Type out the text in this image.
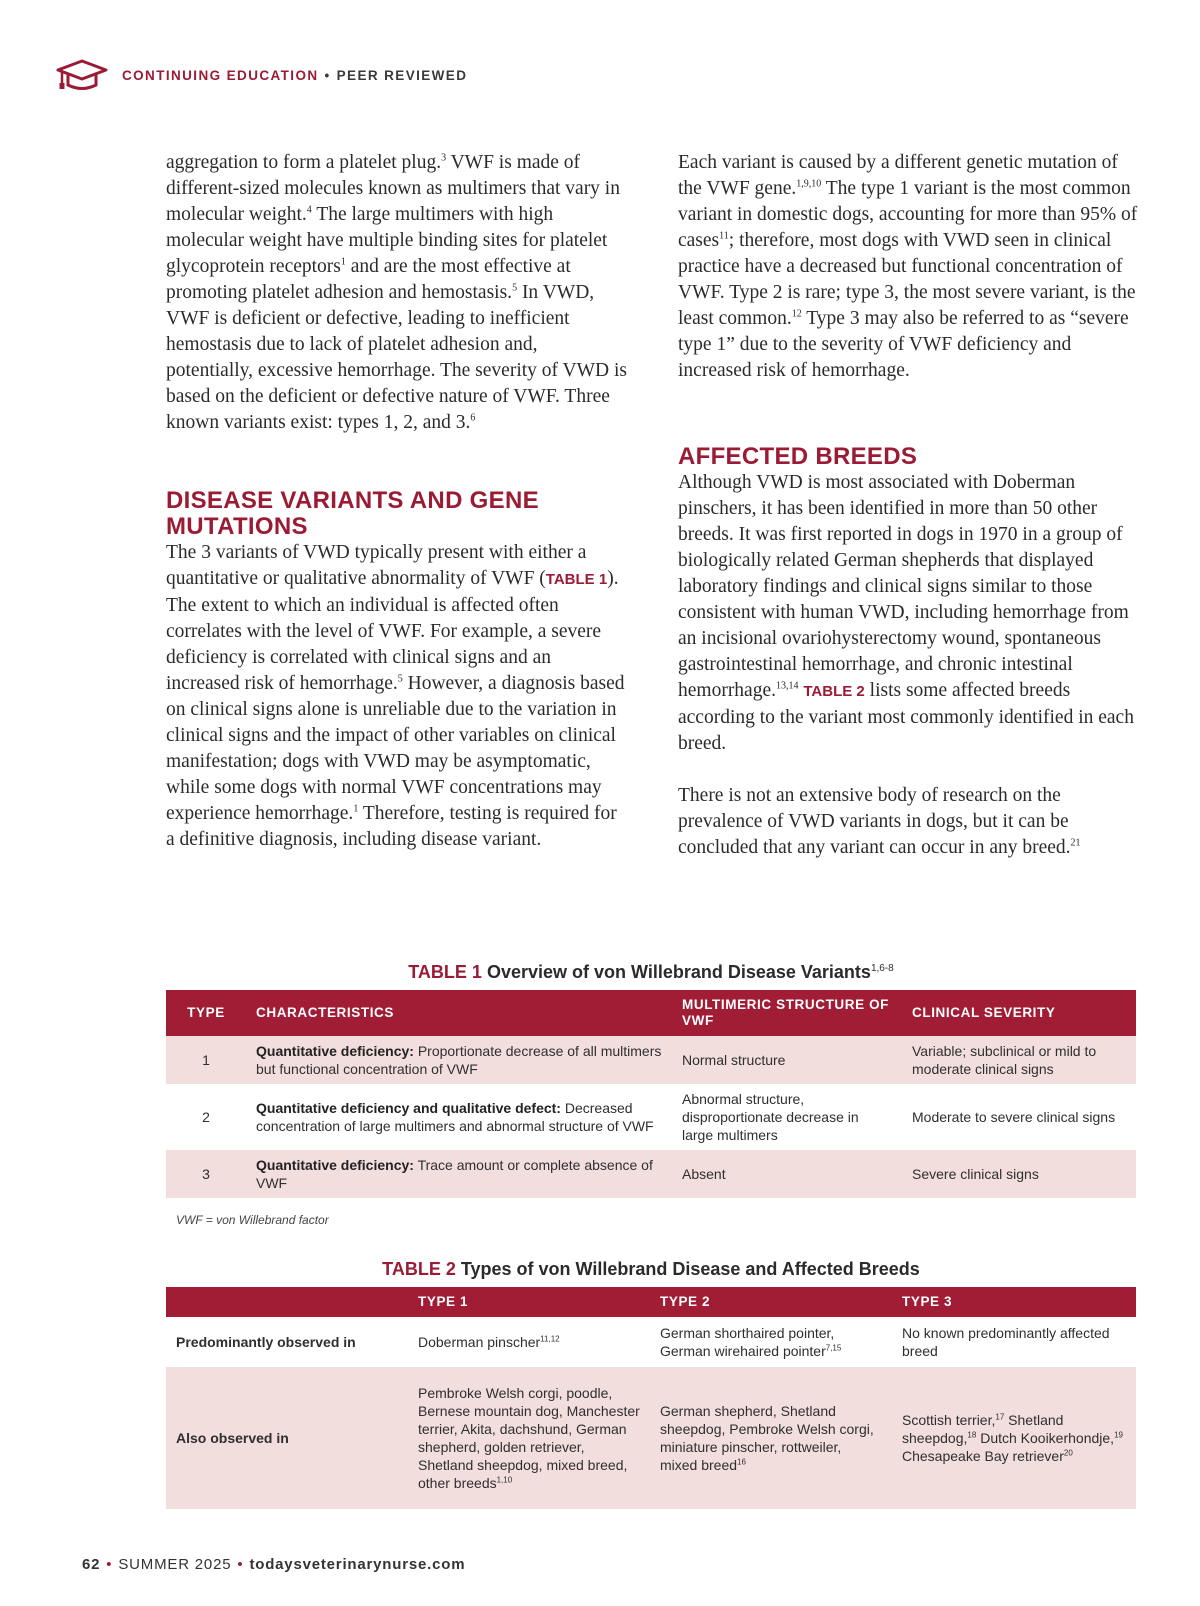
CONTINUING EDUCATION • PEER REVIEWED

aggregation to form a platelet plug.$^3$ VWF is made of different-sized molecules known as multimers that vary in molecular weight.$^4$ The large multimers with high molecular weight have multiple binding sites for platelet glycoprotein receptors$^1$ and are the most effective at promoting platelet adhesion and hemostasis.$^5$ In VWD, VWF is deficient or defective, leading to inefficient hemostasis due to lack of platelet adhesion and, potentially, excessive hemorrhage. The severity of VWD is based on the deficient or defective nature of VWF. Three known variants exist: types 1, 2, and 3.$^6$

DISEASE VARIANTS AND GENE MUTATIONS

The 3 variants of VWD typically present with either a quantitative or qualitative abnormality of VWF (TABLE 1). The extent to which an individual is affected often correlates with the level of VWF. For example, a severe deficiency is correlated with clinical signs and an increased risk of hemorrhage.$^5$ However, a diagnosis based on clinical signs alone is unreliable due to the variation in clinical signs and the impact of other variables on clinical manifestation; dogs with VWD may be asymptomatic, while some dogs with normal VWF concentrations may experience hemorrhage.$^1$ Therefore, testing is required for a definitive diagnosis, including disease variant.

Each variant is caused by a different genetic mutation of the VWF gene.$^{1,9,10}$ The type 1 variant is the most common variant in domestic dogs, accounting for more than 95% of cases$^{11}$; therefore, most dogs with VWD seen in clinical practice have a decreased but functional concentration of VWF. Type 2 is rare; type 3, the most severe variant, is the least common.$^{12}$ Type 3 may also be referred to as “severe type 1” due to the severity of VWF deficiency and increased risk of hemorrhage.

AFFECTED BREEDS

Although VWD is most associated with Doberman pinschers, it has been identified in more than 50 other breeds. It was first reported in dogs in 1970 in a group of biologically related German shepherds that displayed laboratory findings and clinical signs similar to those consistent with human VWD, including hemorrhage from an incisional ovariohysterectomy wound, spontaneous gastrointestinal hemorrhage, and chronic intestinal hemorrhage.$^{13,14}$ TABLE 2 lists some affected breeds according to the variant most commonly identified in each breed.

There is not an extensive body of research on the prevalence of VWD variants in dogs, but it can be concluded that any variant can occur in any breed.$^{21}$

TABLE 1 Overview of von Willebrand Disease Variants$^{1,6-8}$
TYPE	CHARACTERISTICS	MULTIMERIC STRUCTURE OF VWF	CLINICAL SEVERITY
1	Quantitative deficiency: Proportionate decrease of all multimers but functional concentration of VWF	Normal structure	Variable; subclinical or mild to moderate clinical signs
2	Quantitative deficiency and qualitative defect: Decreased concentration of large multimers and abnormal structure of VWF	Abnormal structure, disproportionate decrease in large multimers	Moderate to severe clinical signs
3	Quantitative deficiency: Trace amount or complete absence of VWF	Absent	Severe clinical signs
VWF = von Willebrand factor
TABLE 2 Types of von Willebrand Disease and Affected Breeds
	TYPE 1	TYPE 2	TYPE 3
Predominantly observed in	Doberman pinscher$^{11,12}$	German shorthaired pointer, German wirehaired pointer$^{7,15}$	No known predominantly affected breed
Also observed in	Pembroke Welsh corgi, poodle, Bernese mountain dog, Manchester terrier, Akita, dachshund, German shepherd, golden retriever, Shetland sheepdog, mixed breed, other breeds$^{1,10}$	German shepherd, Shetland sheepdog, Pembroke Welsh corgi, miniature pinscher, rottweiler, mixed breed$^{16}$	Scottish terrier,$^{17}$ Shetland sheepdog,$^{18}$ Dutch Kooikerhondje,$^{19}$ Chesapeake Bay retriever$^{20}$
62 • SUMMER 2025 • todaysveterinarynurse.com
